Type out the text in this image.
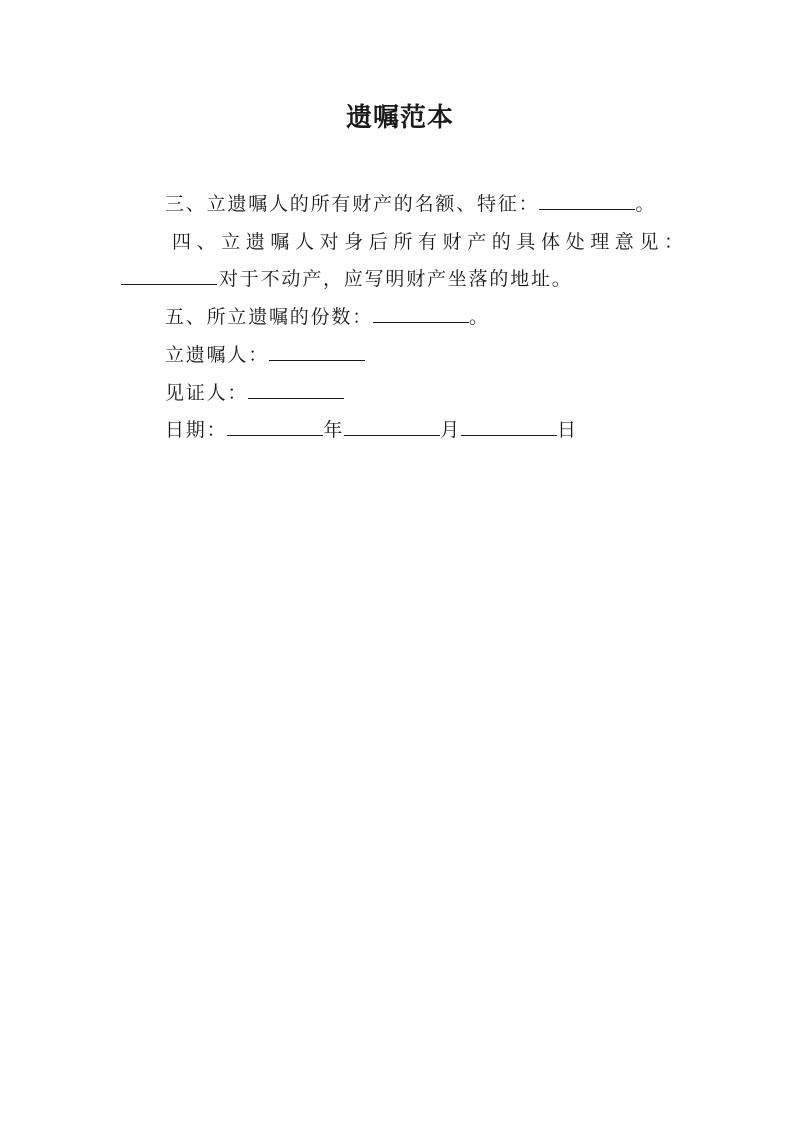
遗嘱范本
三、立遗嘱人的所有财产的名额、特征：	。
四、立遗嘱人对身后所有财产的具体处理意见：
对于不动产，应写明财产坐落的地址。
五、所立遗嘱的份数：	。
立遗嘱人：
见证人：
日期：	年	月	日
